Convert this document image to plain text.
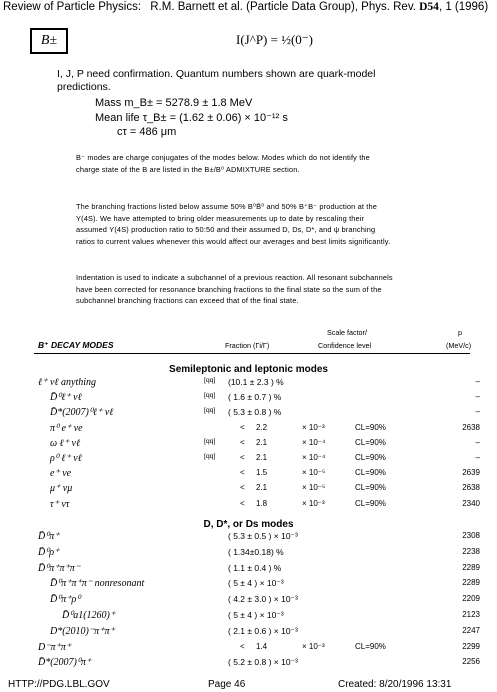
Review of Particle Physics: R.M. Barnett et al. (Particle Data Group), Phys. Rev. D54, 1 (1996)
B±	I(J^P) = ½(0⁻)
I, J, P need confirmation. Quantum numbers shown are quark-model predictions.
Mass m_B± = 5278.9 ± 1.8 MeV
Mean life τ_B± = (1.62 ± 0.06) × 10⁻¹² s
cτ = 486 μm
B⁻ modes are charge conjugates of the modes below. Modes which do not identify the charge state of the B are listed in the B±/B⁰ ADMIXTURE section.
The branching fractions listed below assume 50% B⁰B̄⁰ and 50% B⁺B⁻ production at the Υ(4S). We have attempted to bring older measurements up to date by rescaling their assumed Υ(4S) production ratio to 50:50 and their assumed D, Ds, D*, and ψ branching ratios to current values whenever this would affect our averages and best limits significantly.
Indentation is used to indicate a subchannel of a previous reaction. All resonant subchannels have been corrected for resonance branching fractions to the final state so the sum of the subchannel branching fractions can exceed that of the final state.
Scale factor/	p
B⁺ DECAY MODES	Fraction (Γi/Γ)	Confidence level	(MeV/c)
Semileptonic and leptonic modes
ℓ⁺ νℓ anything	[qq] (10.1 ± 2.3 ) %	–
D̄⁰ℓ⁺ νℓ	[qq] ( 1.6 ± 0.7 ) %	–
D̄*(2007)⁰ℓ⁺ νℓ	[qq] ( 5.3 ± 0.8 ) %	–
π⁰ e⁺ νe	< 2.2	× 10⁻³	CL=90%	2638
ω ℓ⁺ νℓ	[qq]	< 2.1	× 10⁻⁴	CL=90%	–
ρ⁰ ℓ⁺ νℓ	[qq]	< 2.1	× 10⁻⁴	CL=90%	–
e⁺ νe	< 1.5	× 10⁻⁵	CL=90%	2639
μ⁺ νμ	< 2.1	× 10⁻⁵	CL=90%	2638
τ⁺ ντ	< 1.8	× 10⁻³	CL=90%	2340
D, D*, or Ds modes
D̄⁰π⁺	( 5.3 ± 0.5 ) × 10⁻³	2308
D̄⁰ρ⁺	( 1.34±0.18) %	2238
D̄⁰π⁺π⁺π⁻	( 1.1 ± 0.4 ) %	2289
D̄⁰π⁺π⁺π⁻ nonresonant	( 5 ± 4 ) × 10⁻³	2289
D̄⁰π⁺ρ⁰	( 4.2 ± 3.0 ) × 10⁻³	2209
D̄⁰a1(1260)⁺	( 5 ± 4 ) × 10⁻³	2123
D*(2010)⁻π⁺π⁺	( 2.1 ± 0.6 ) × 10⁻³	2247
D⁻π⁺π⁺	< 1.4	× 10⁻³	CL=90%	2299
D̄*(2007)⁰π⁺	( 5.2 ± 0.8 ) × 10⁻³	2256
HTTP://PDG.LBL.GOV	Page 46	Created: 8/20/1996 13:31
